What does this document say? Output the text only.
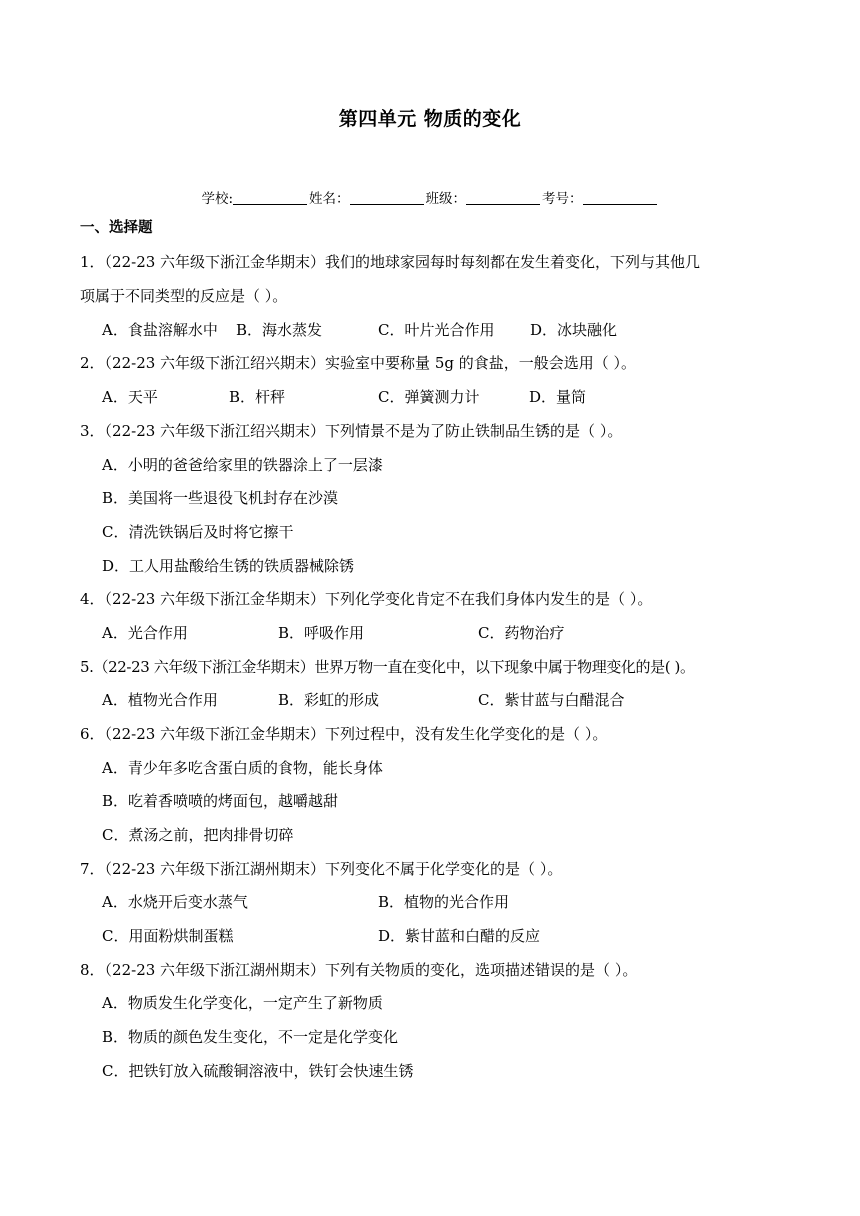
第四单元 物质的变化
学校:	姓名：	班级：	考号：
一、选择题
1．（22-23 六年级下浙江金华期末）我们的地球家园每时每刻都在发生着变化，下列与其他几
项属于不同类型的反应是（ ）。
A．食盐溶解水中 B．海水蒸发	C．叶片光合作用 D．冰块融化
2．（22-23 六年级下浙江绍兴期末）实验室中要称量 5g 的食盐，一般会选用（ ）。
A．天平	B．杆秤	C．弹簧测力计	D．量筒
3．（22-23 六年级下浙江绍兴期末）下列情景不是为了防止铁制品生锈的是（ ）。
A．小明的爸爸给家里的铁器涂上了一层漆
B．美国将一些退役飞机封存在沙漠
C．清洗铁锅后及时将它擦干
D．工人用盐酸给生锈的铁质器械除锈
4．（22-23 六年级下浙江金华期末）下列化学变化肯定不在我们身体内发生的是（ ）。
A．光合作用	B．呼吸作用	C．药物治疗
5.（22-23 六年级下浙江金华期末）世界万物一直在变化中，以下现象中属于物理变化的是( )。
A．植物光合作用	B．彩虹的形成	C．紫甘蓝与白醋混合
6．（22-23 六年级下浙江金华期末）下列过程中，没有发生化学变化的是（ ）。
A．青少年多吃含蛋白质的食物，能长身体
B．吃着香喷喷的烤面包，越嚼越甜
C．煮汤之前，把肉排骨切碎
7．（22-23 六年级下浙江湖州期末）下列变化不属于化学变化的是（ ）。
A．水烧开后变水蒸气	B．植物的光合作用
C．用面粉烘制蛋糕	D．紫甘蓝和白醋的反应
8．（22-23 六年级下浙江湖州期末）下列有关物质的变化，选项描述错误的是（ ）。
A．物质发生化学变化，一定产生了新物质
B．物质的颜色发生变化，不一定是化学变化
C．把铁钉放入硫酸铜溶液中，铁钉会快速生锈
